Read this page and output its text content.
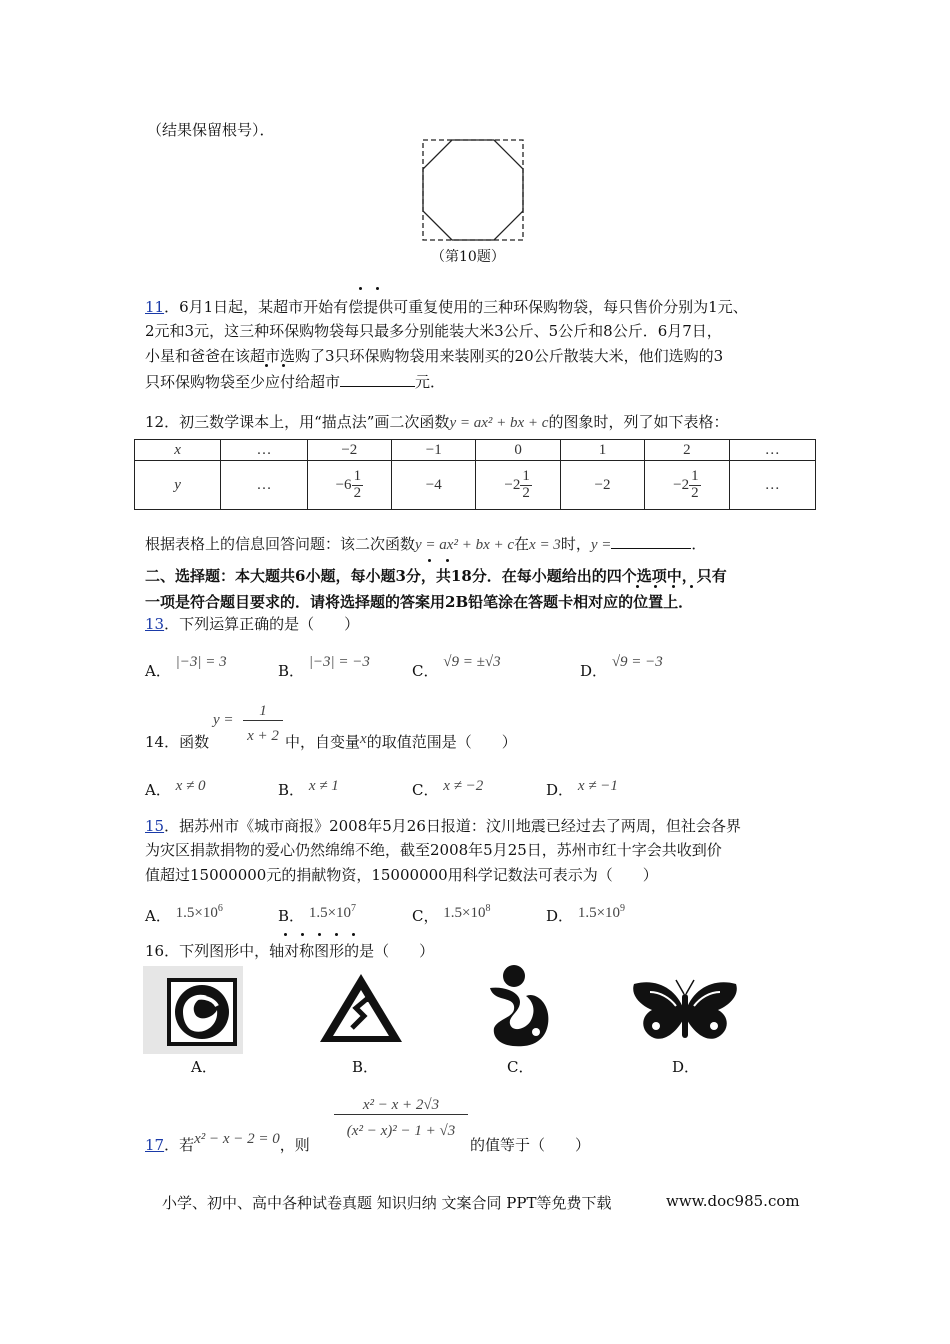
（结果保留根号）．
（第10题）
11．6月1日起，某超市开始有偿提供可重复使用的三种环保购物袋，每只售价分别为1元、
2元和3元，这三种环保购物袋每只最多分别能装大米3公斤、5公斤和8公斤．6月7日，
小星和爸爸在该超市选购了3只环保购物袋用来装刚买的20公斤散装大米，他们选购的3
只环保购物袋至少应付给超市	元．
12．初三数学课本上，用“描点法”画二次函数y = ax² + bx + c的图象时，列了如下表格：
x	…	−2	−1	0	1	2	…
y	…	$-6 \frac{1}{2}$	−4	$-2 \frac{1}{2}$	−2	$-2 \frac{1}{2}$	…
根据表格上的信息回答问题：该二次函数y = ax² + bx + c在x = 3时，y =	．
二、选择题：本大题共6小题，每小题3分，共18分．在每小题给出的四个选项中，只有
一项是符合题目要求的．请将选择题的答案用2B铅笔涂在答题卡相对应的位置上．
13．下列运算正确的是（　　）
A． |−3| = 3	B． |−3| = −3	C． √9 = ±√3	D． √9 = −3
14．函数
y =
1
x + 2 中，自变量x的取值范围是（　　）
A． x ≠ 0	B． x ≠ 1	C． x ≠ −2	D． x ≠ −1
15．据苏州市《城市商报》2008年5月26日报道：汶川地震已经过去了两周，但社会各界
为灾区捐款捐物的爱心仍然绵绵不绝，截至2008年5月25日，苏州市红十字会共收到价
值超过15000000元的捐献物资，15000000用科学记数法可表示为（　　）
A． $1.5\times 10^6$	B． $1.5\times 10^7$	C， $1.5\times 10^8$	D． $1.5\times 10^9$
16．下列图形中，轴对称图形的是（　　）
A．	B．	C．	D．
x² − x + 2√3
(x² − x)² − 1 + √3
17．若x² − x − 2 = 0，则	的值等于（　　）
小学、初中、高中各种试卷真题 知识归纳 文案合同 PPT等免费下载	www.doc985.com
